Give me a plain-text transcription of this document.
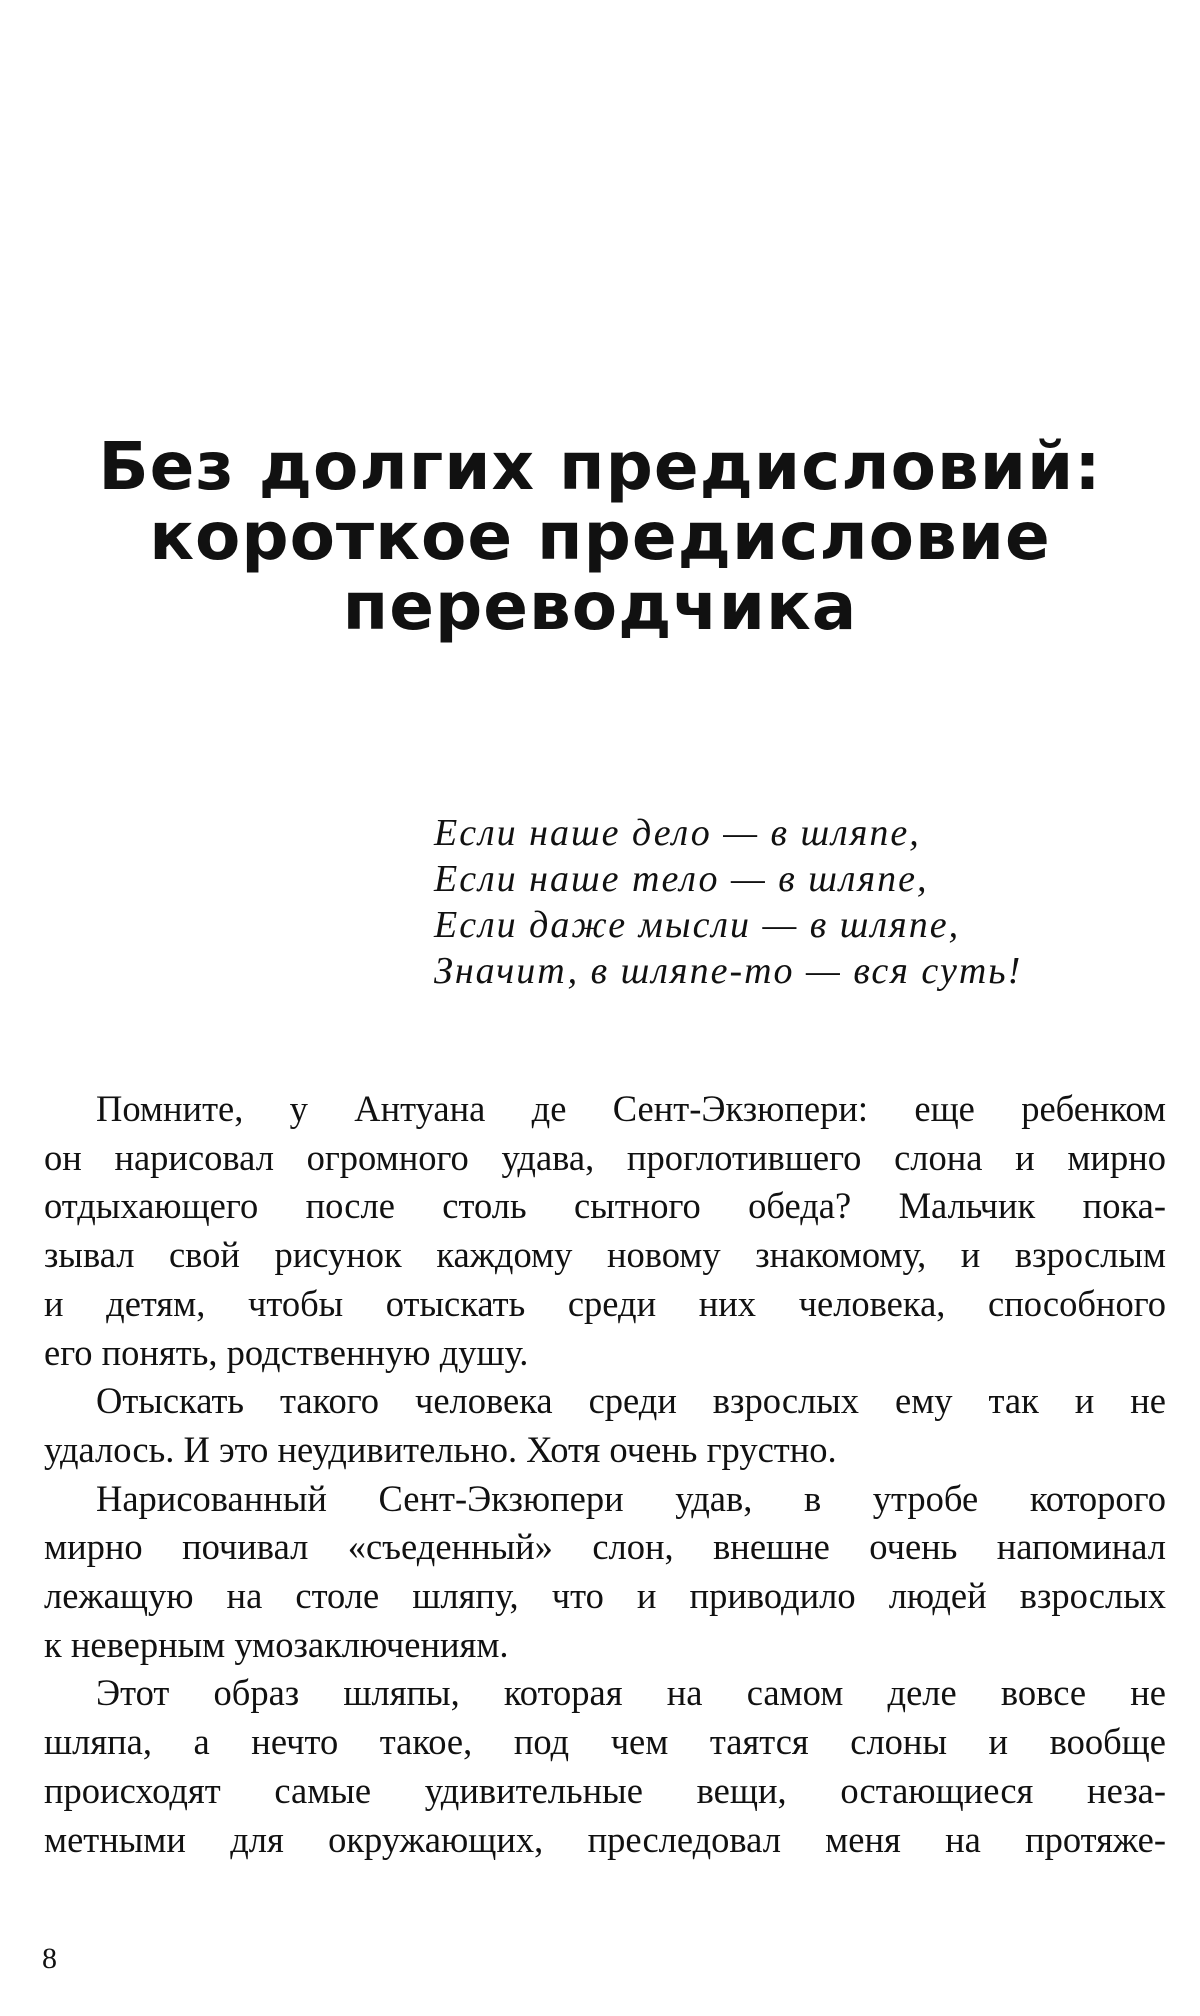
Без долгих предисловий:
короткое предисловие
переводчика
Если наше дело — в шляпе,
Если наше тело — в шляпе,
Если даже мысли — в шляпе,
Значит, в шляпе-то — вся суть!
Помните, у Антуана де Сент-Экзюпери: еще ребенком
он нарисовал огромного удава, проглотившего слона и мирно
отдыхающего после столь сытного обеда? Мальчик пока-
зывал свой рисунок каждому новому знакомому, и взрослым
и детям, чтобы отыскать среди них человека, способного
его понять, родственную душу.
Отыскать такого человека среди взрослых ему так и не
удалось. И это неудивительно. Хотя очень грустно.
Нарисованный Сент-Экзюпери удав, в утробе которого
мирно почивал «съеденный» слон, внешне очень напоминал
лежащую на столе шляпу, что и приводило людей взрослых
к неверным умозаключениям.
Этот образ шляпы, которая на самом деле вовсе не
шляпа, а нечто такое, под чем таятся слоны и вообще
происходят самые удивительные вещи, остающиеся неза-
метными для окружающих, преследовал меня на протяже-
8
